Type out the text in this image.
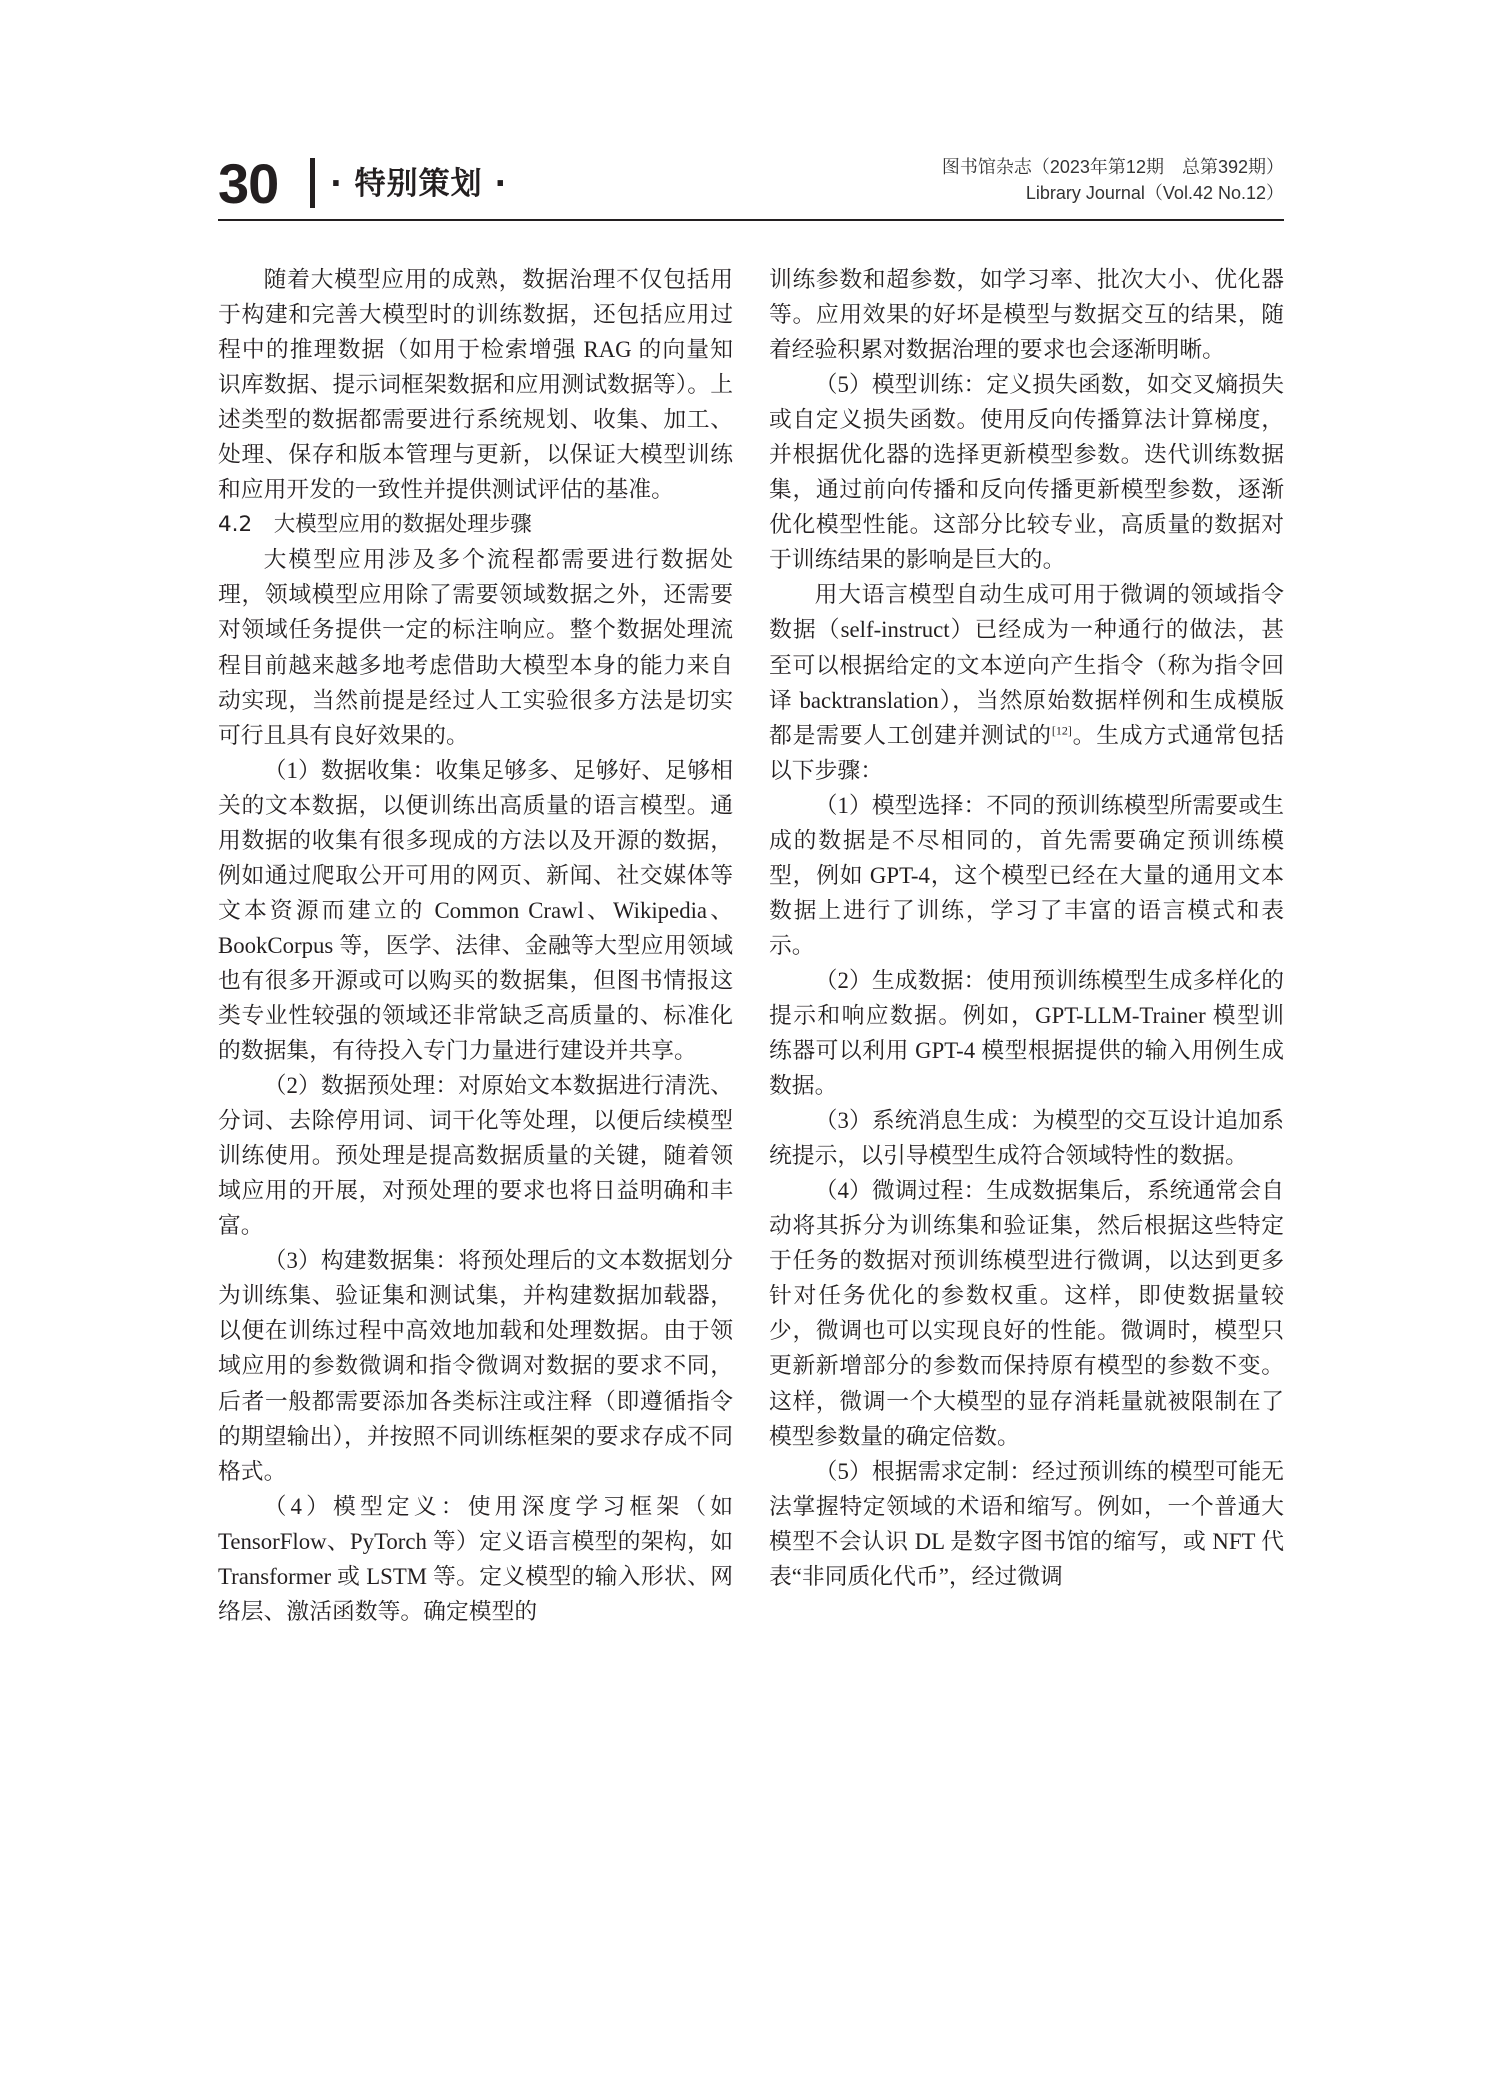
30 · 特别策划 ·	图书馆杂志（2023年第12期　总第392期）
Library Journal（Vol.42 No.12）

随着大模型应用的成熟，数据治理不仅包括用于构建和完善大模型时的训练数据，还包括应用过程中的推理数据（如用于检索增强 RAG 的向量知识库数据、提示词框架数据和应用测试数据等）。上述类型的数据都需要进行系统规划、收集、加工、处理、保存和版本管理与更新，以保证大模型训练和应用开发的一致性并提供测试评估的基准。

4.2　大模型应用的数据处理步骤

大模型应用涉及多个流程都需要进行数据处理，领域模型应用除了需要领域数据之外，还需要对领域任务提供一定的标注响应。整个数据处理流程目前越来越多地考虑借助大模型本身的能力来自动实现，当然前提是经过人工实验很多方法是切实可行且具有良好效果的。

（1）数据收集：收集足够多、足够好、足够相关的文本数据，以便训练出高质量的语言模型。通用数据的收集有很多现成的方法以及开源的数据，例如通过爬取公开可用的网页、新闻、社交媒体等文本资源而建立的 Common Crawl、Wikipedia、BookCorpus 等，医学、法律、金融等大型应用领域也有很多开源或可以购买的数据集，但图书情报这类专业性较强的领域还非常缺乏高质量的、标准化的数据集，有待投入专门力量进行建设并共享。

（2）数据预处理：对原始文本数据进行清洗、分词、去除停用词、词干化等处理，以便后续模型训练使用。预处理是提高数据质量的关键，随着领域应用的开展，对预处理的要求也将日益明确和丰富。

（3）构建数据集：将预处理后的文本数据划分为训练集、验证集和测试集，并构建数据加载器，以便在训练过程中高效地加载和处理数据。由于领域应用的参数微调和指令微调对数据的要求不同，后者一般都需要添加各类标注或注释（即遵循指令的期望输出），并按照不同训练框架的要求存成不同格式。

（4）模型定义：使用深度学习框架（如 TensorFlow、PyTorch 等）定义语言模型的架构，如 Transformer 或 LSTM 等。定义模型的输入形状、网络层、激活函数等。确定模型的

训练参数和超参数，如学习率、批次大小、优化器等。应用效果的好坏是模型与数据交互的结果，随着经验积累对数据治理的要求也会逐渐明晰。

（5）模型训练：定义损失函数，如交叉熵损失或自定义损失函数。使用反向传播算法计算梯度，并根据优化器的选择更新模型参数。迭代训练数据集，通过前向传播和反向传播更新模型参数，逐渐优化模型性能。这部分比较专业，高质量的数据对于训练结果的影响是巨大的。

用大语言模型自动生成可用于微调的领域指令数据（self-instruct）已经成为一种通行的做法，甚至可以根据给定的文本逆向产生指令（称为指令回译 backtranslation），当然原始数据样例和生成模版都是需要人工创建并测试的[12]。生成方式通常包括以下步骤：

（1）模型选择：不同的预训练模型所需要或生成的数据是不尽相同的，首先需要确定预训练模型，例如 GPT-4，这个模型已经在大量的通用文本数据上进行了训练，学习了丰富的语言模式和表示。

（2）生成数据：使用预训练模型生成多样化的提示和响应数据。例如，GPT-LLM-Trainer 模型训练器可以利用 GPT-4 模型根据提供的输入用例生成数据。

（3）系统消息生成：为模型的交互设计追加系统提示，以引导模型生成符合领域特性的数据。

（4）微调过程：生成数据集后，系统通常会自动将其拆分为训练集和验证集，然后根据这些特定于任务的数据对预训练模型进行微调，以达到更多针对任务优化的参数权重。这样，即使数据量较少，微调也可以实现良好的性能。微调时，模型只更新新增部分的参数而保持原有模型的参数不变。这样，微调一个大模型的显存消耗量就被限制在了模型参数量的确定倍数。

（5）根据需求定制：经过预训练的模型可能无法掌握特定领域的术语和缩写。例如，一个普通大模型不会认识 DL 是数字图书馆的缩写，或 NFT 代表“非同质化代币”，经过微调
